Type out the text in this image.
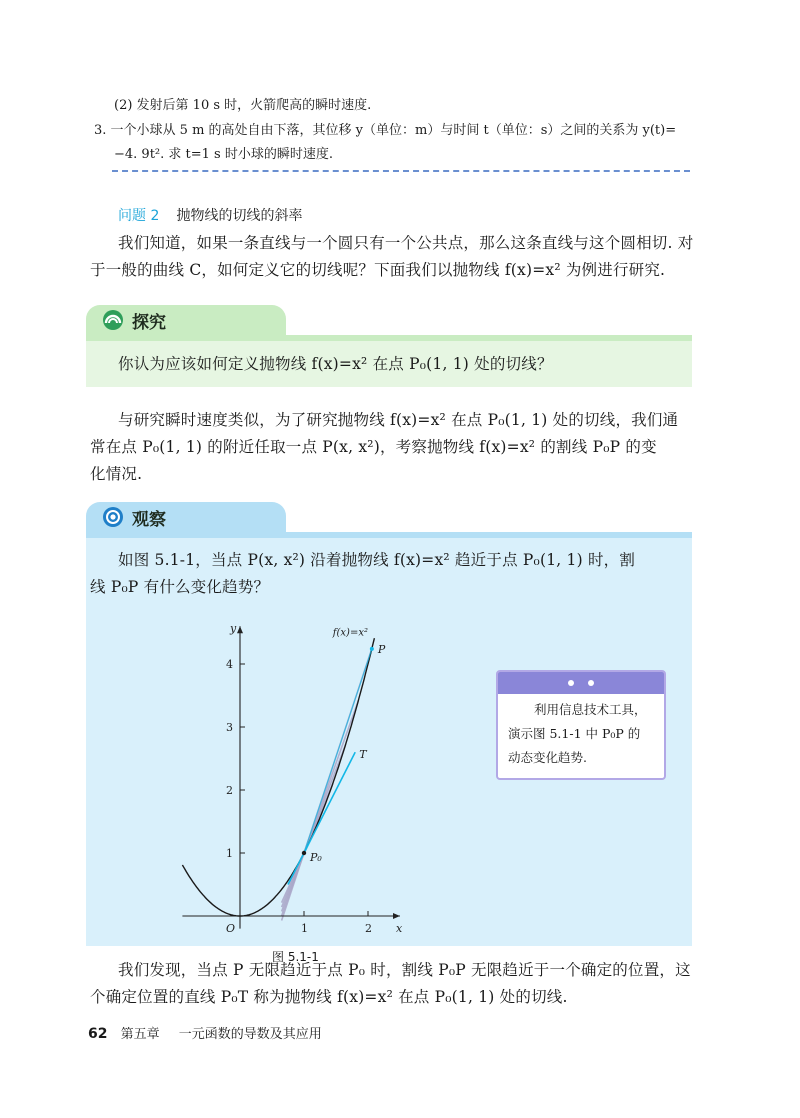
(2) 发射后第 10 s 时，火箭爬高的瞬时速度.
3. 一个小球从 5 m 的高处自由下落，其位移 y（单位：m）与时间 t（单位：s）之间的关系为 y(t)=
−4. 9t². 求 t=1 s 时小球的瞬时速度.
问题 2 抛物线的切线的斜率
我们知道，如果一条直线与一个圆只有一个公共点，那么这条直线与这个圆相切. 对
于一般的曲线 C，如何定义它的切线呢？下面我们以抛物线 f(x)=x² 为例进行研究.
探究
你认为应该如何定义抛物线 f(x)=x² 在点 P₀(1, 1) 处的切线？
与研究瞬时速度类似，为了研究抛物线 f(x)=x² 在点 P₀(1, 1) 处的切线，我们通
常在点 P₀(1, 1) 的附近任取一点 P(x, x²)，考察抛物线 f(x)=x² 的割线 P₀P 的变
化情况.
观察
如图 5.1-1，当点 P(x, x²) 沿着抛物线 f(x)=x² 趋近于点 P₀(1, 1) 时，割
线 P₀P 有什么变化趋势？
1	2
1
2
3
4
O	x
y
P₀
P
T
f(x)=x²
图 5.1-1
利用信息技术工具，
演示图 5.1-1 中 P₀P 的
动态变化趋势.
我们发现，当点 P 无限趋近于点 P₀ 时，割线 P₀P 无限趋近于一个确定的位置，这
个确定位置的直线 P₀T 称为抛物线 f(x)=x² 在点 P₀(1, 1) 处的切线.
62 第五章 一元函数的导数及其应用
